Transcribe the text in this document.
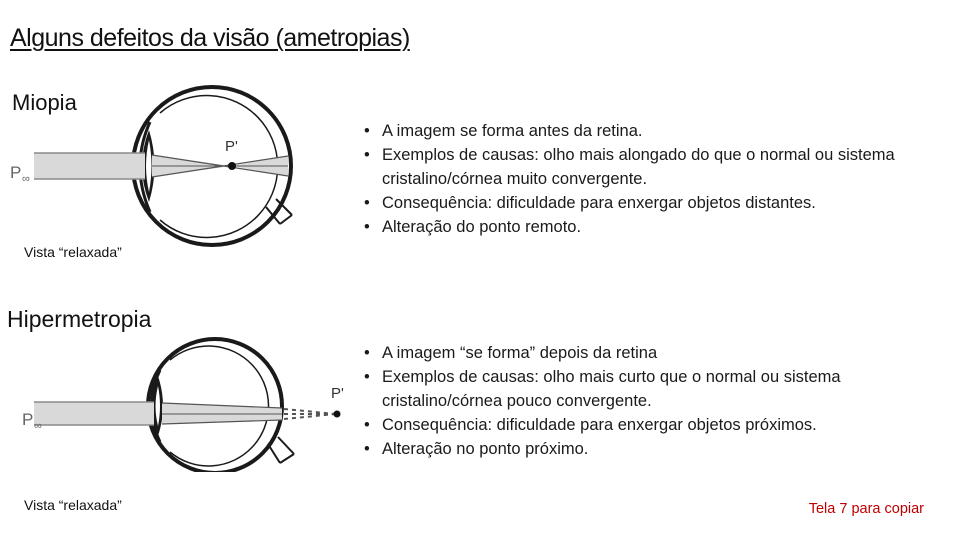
Alguns defeitos da visão (ametropias)
Miopia
P ∞
P'
Vista “relaxada”
• A imagem se forma antes da retina.
• Exemplos de causas: olho mais alongado do que o normal ou sistema cristalino/córnea muito convergente.
• Consequência: dificuldade para enxergar objetos distantes.
• Alteração do ponto remoto.
Hipermetropia
P ∞
P'
Vista “relaxada”
• A imagem “se forma” depois da retina
• Exemplos de causas: olho mais curto que o normal ou sistema cristalino/córnea pouco convergente.
• Consequência: dificuldade para enxergar objetos próximos.
• Alteração no ponto próximo.
Tela 7 para copiar
